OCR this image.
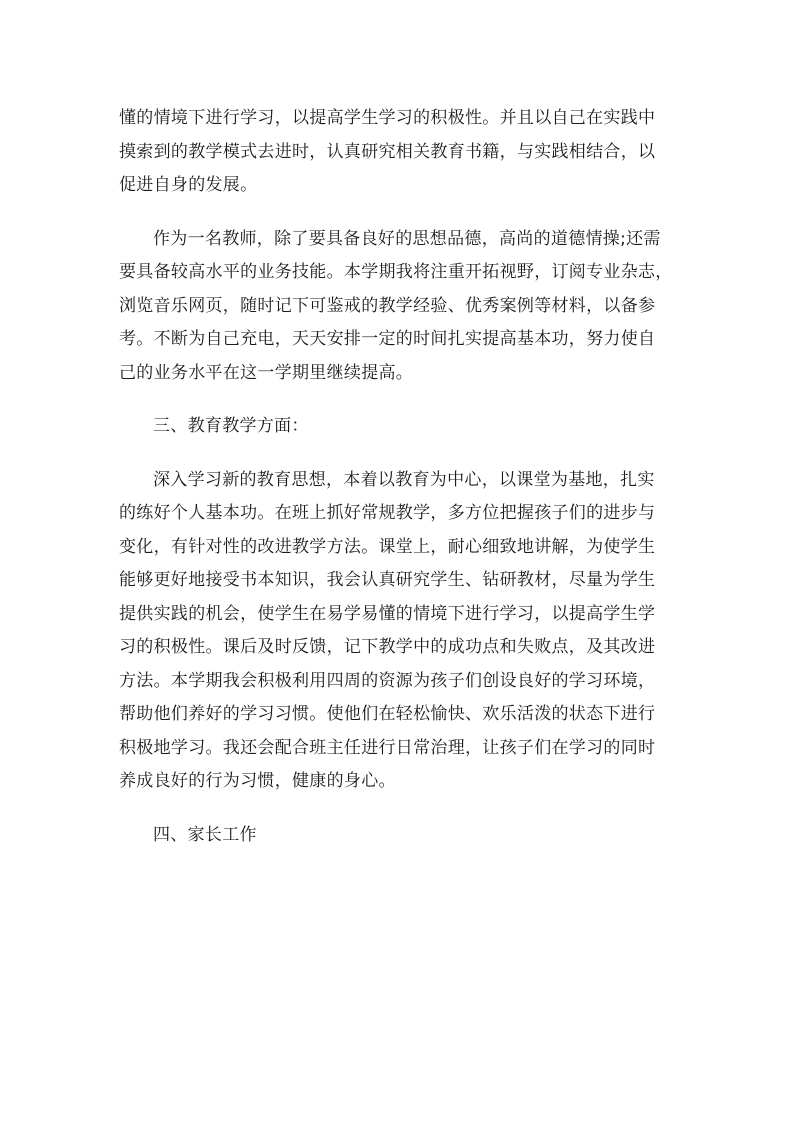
懂的情境下进行学习，以提高学生学习的积极性。并且以自己在实践中
摸索到的教学模式去进时，认真研究相关教育书籍，与实践相结合，以
促进自身的发展。
作为一名教师，除了要具备良好的思想品德，高尚的道德情操;还需
要具备较高水平的业务技能。本学期我将注重开拓视野，订阅专业杂志，
浏览音乐网页，随时记下可鉴戒的教学经验、优秀案例等材料，以备参
考。不断为自己充电，天天安排一定的时间扎实提高基本功，努力使自
己的业务水平在这一学期里继续提高。
三、教育教学方面：
深入学习新的教育思想，本着以教育为中心，以课堂为基地，扎实
的练好个人基本功。在班上抓好常规教学，多方位把握孩子们的进步与
变化，有针对性的改进教学方法。课堂上，耐心细致地讲解，为使学生
能够更好地接受书本知识，我会认真研究学生、钻研教材，尽量为学生
提供实践的机会，使学生在易学易懂的情境下进行学习，以提高学生学
习的积极性。课后及时反馈，记下教学中的成功点和失败点，及其改进
方法。本学期我会积极利用四周的资源为孩子们创设良好的学习环境，
帮助他们养好的学习习惯。使他们在轻松愉快、欢乐活泼的状态下进行
积极地学习。我还会配合班主任进行日常治理，让孩子们在学习的同时
养成良好的行为习惯，健康的身心。
四、家长工作
